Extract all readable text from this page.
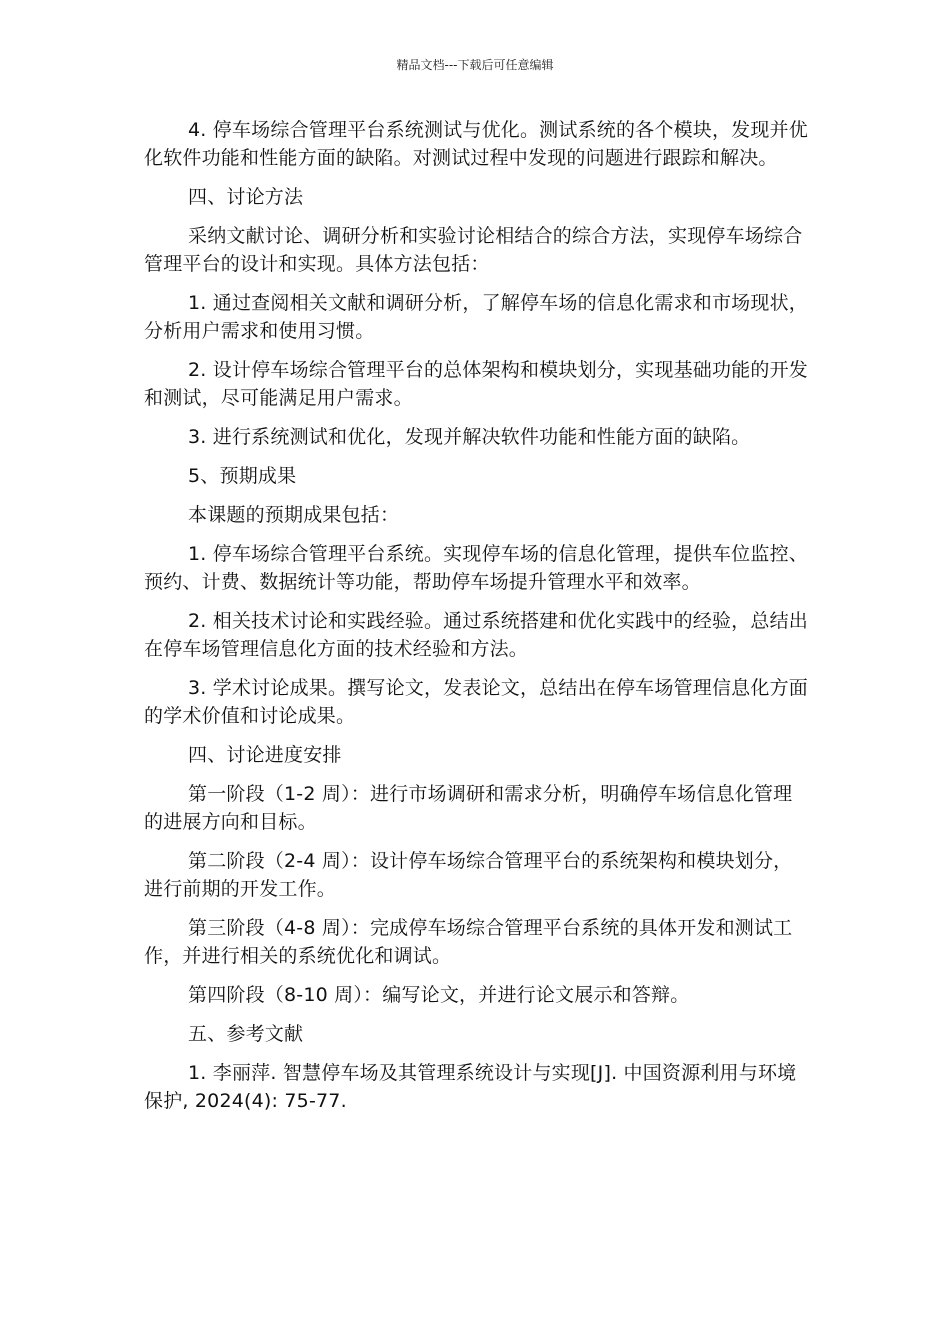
精品文档---下载后可任意编辑

4. 停车场综合管理平台系统测试与优化。测试系统的各个模块，发现并优化软件功能和性能方面的缺陷。对测试过程中发现的问题进行跟踪和解决。

四、讨论方法

采纳文献讨论、调研分析和实验讨论相结合的综合方法，实现停车场综合管理平台的设计和实现。具体方法包括：

1. 通过查阅相关文献和调研分析，了解停车场的信息化需求和市场现状，分析用户需求和使用习惯。

2. 设计停车场综合管理平台的总体架构和模块划分，实现基础功能的开发和测试，尽可能满足用户需求。

3. 进行系统测试和优化，发现并解决软件功能和性能方面的缺陷。

5、预期成果

本课题的预期成果包括：

1. 停车场综合管理平台系统。实现停车场的信息化管理，提供车位监控、预约、计费、数据统计等功能，帮助停车场提升管理水平和效率。

2. 相关技术讨论和实践经验。通过系统搭建和优化实践中的经验，总结出在停车场管理信息化方面的技术经验和方法。

3. 学术讨论成果。撰写论文，发表论文，总结出在停车场管理信息化方面的学术价值和讨论成果。

四、讨论进度安排

第一阶段（1-2 周）：进行市场调研和需求分析，明确停车场信息化管理的进展方向和目标。

第二阶段（2-4 周）：设计停车场综合管理平台的系统架构和模块划分，进行前期的开发工作。

第三阶段（4-8 周）：完成停车场综合管理平台系统的具体开发和测试工作，并进行相关的系统优化和调试。

第四阶段（8-10 周）：编写论文，并进行论文展示和答辩。

五、参考文献

1. 李丽萍. 智慧停车场及其管理系统设计与实现[J]. 中国资源利用与环境保护, 2024(4): 75-77.
